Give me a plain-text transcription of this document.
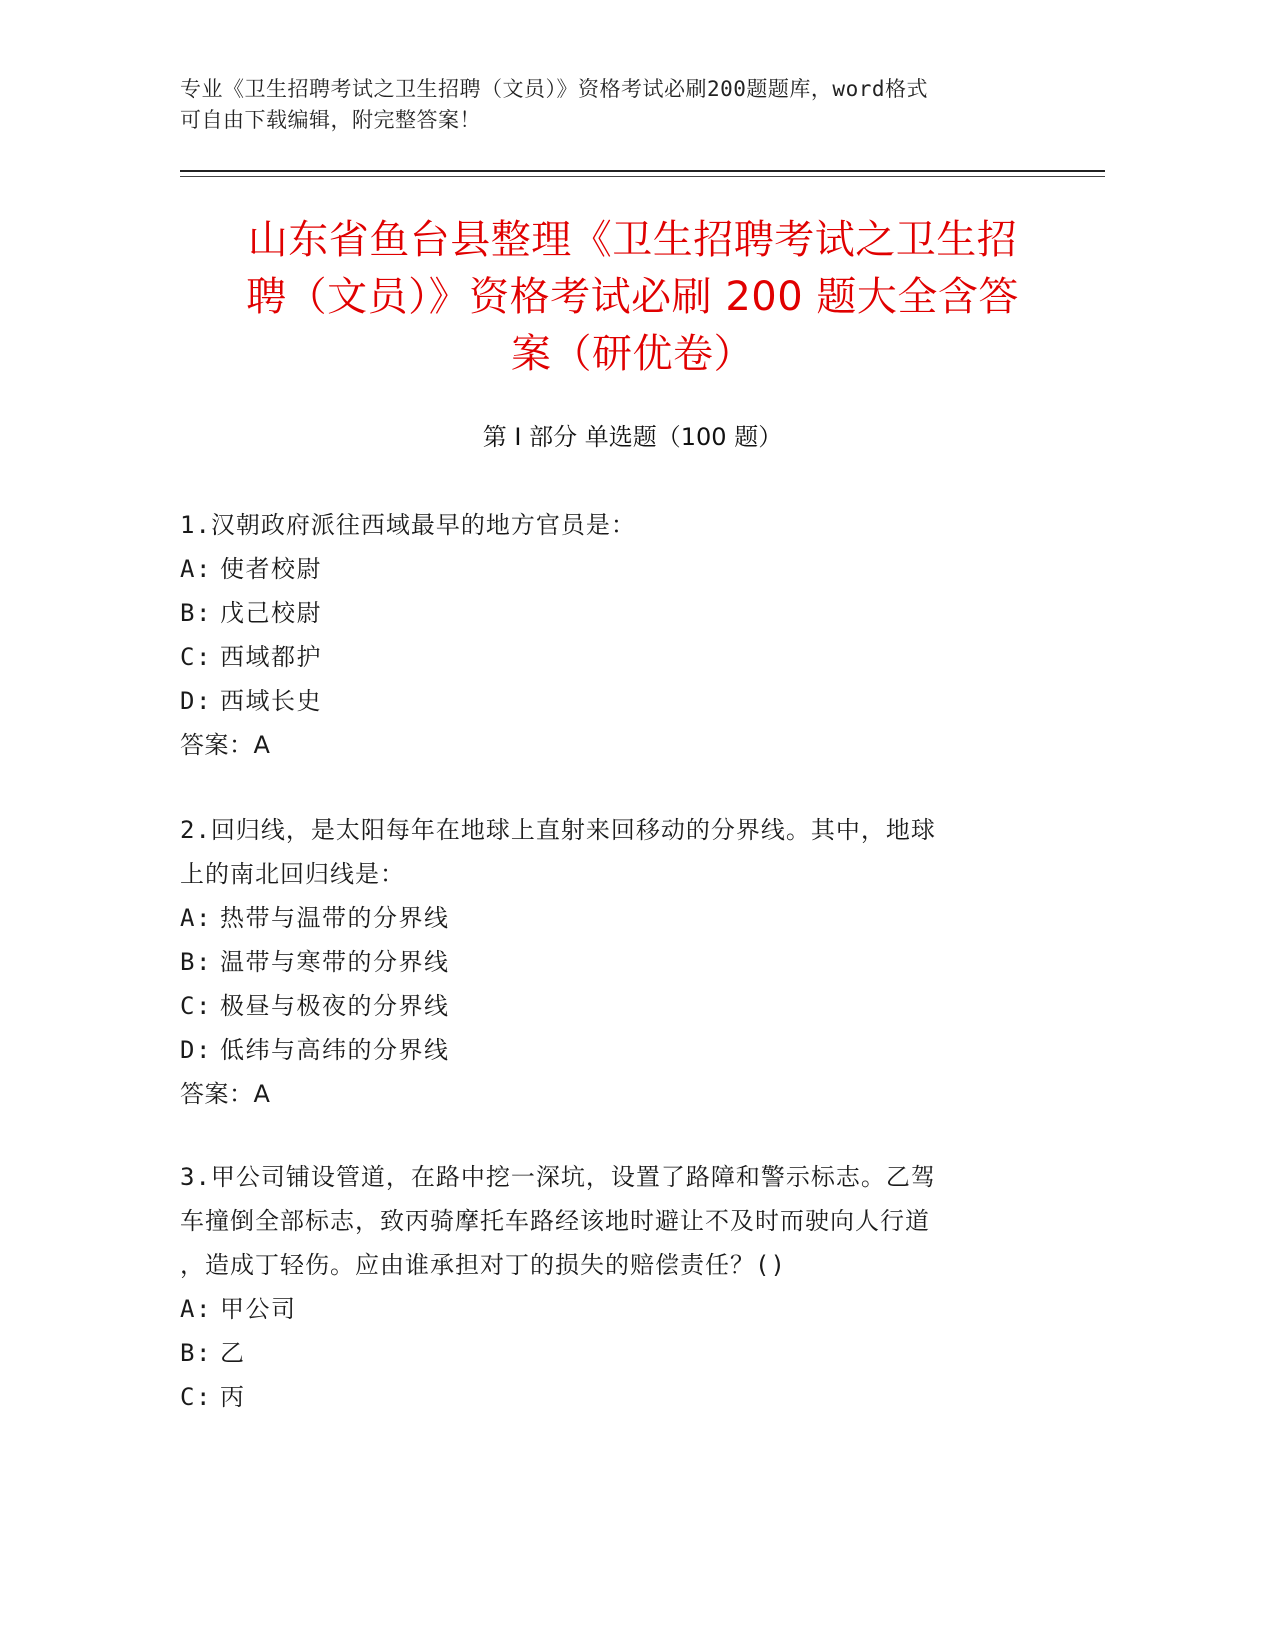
专业《卫生招聘考试之卫生招聘（文员）》资格考试必刷200题题库，word格式
可自由下载编辑，附完整答案！
山东省鱼台县整理《卫生招聘考试之卫生招
聘（文员）》资格考试必刷 200 题大全含答
案（研优卷）
第 I 部分 单选题（100 题）
1.汉朝政府派往西域最早的地方官员是：
A: 使者校尉
B: 戊己校尉
C: 西域都护
D: 西域长史
答案：A
2.回归线，是太阳每年在地球上直射来回移动的分界线。其中，地球
上的南北回归线是：
A: 热带与温带的分界线
B: 温带与寒带的分界线
C: 极昼与极夜的分界线
D: 低纬与高纬的分界线
答案：A
3.甲公司铺设管道，在路中挖一深坑，设置了路障和警示标志。乙驾
车撞倒全部标志，致丙骑摩托车路经该地时避让不及时而驶向人行道
，造成丁轻伤。应由谁承担对丁的损失的赔偿责任？()
A: 甲公司
B: 乙
C: 丙
